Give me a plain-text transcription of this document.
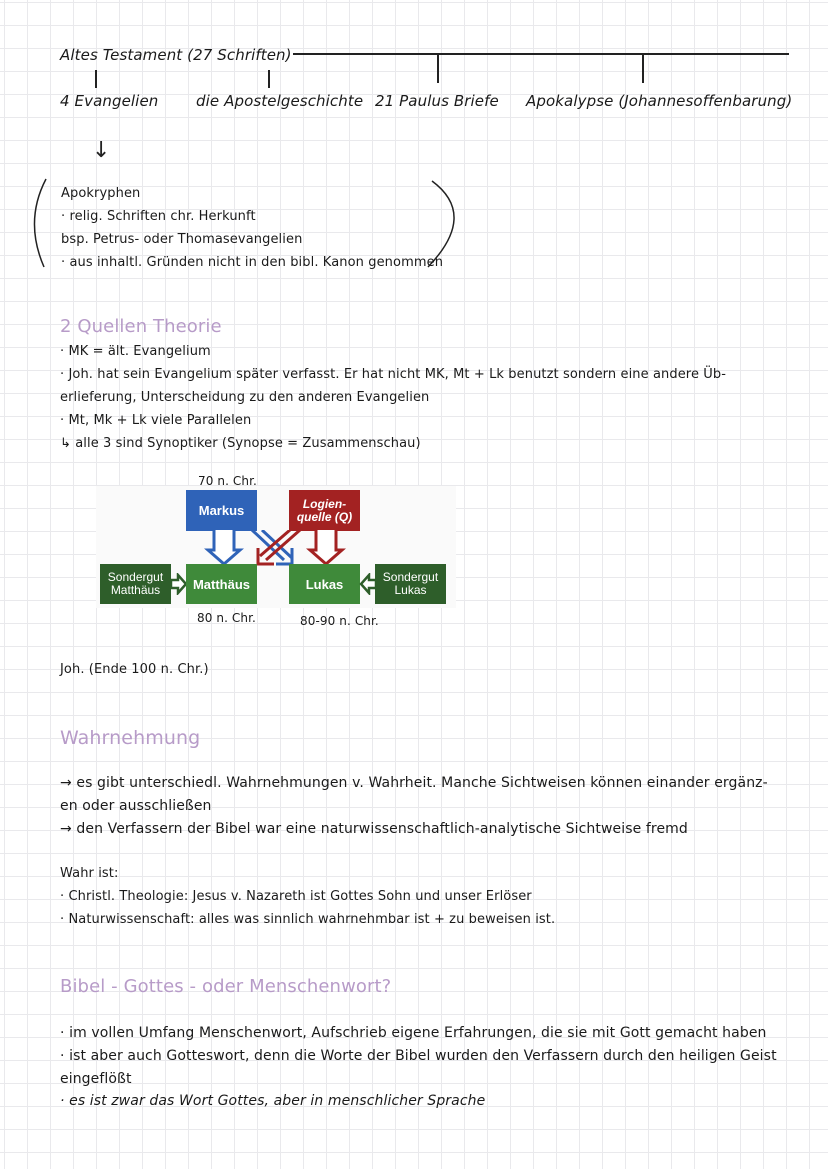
Altes Testament (27 Schriften)
4 Evangelien	die Apostelgeschichte 21 Paulus Briefe Apokalypse (Johannesoffenbarung)
↓
Apokryphen
· relig. Schriften chr. Herkunft
bsp. Petrus- oder Thomasevangelien
· aus inhaltl. Gründen nicht in den bibl. Kanon genommen
2 Quellen Theorie
· MK = ält. Evangelium
· Joh. hat sein Evangelium später verfasst. Er hat nicht MK, Mt + Lk benutzt sondern eine andere Üb-
erlieferung, Unterscheidung zu den anderen Evangelien
· Mt, Mk + Lk viele Parallelen
↳ alle 3 sind Synoptiker (Synopse = Zusammenschau)
70 n. Chr.
Markus	Logien-
quelle (Q)
Sondergut
Matthäus	Matthäus	Lukas	Sondergut
Lukas
80 n. Chr.	80-90 n. Chr.
Joh. (Ende 100 n. Chr.)
Wahrnehmung
→ es gibt unterschiedl. Wahrnehmungen v. Wahrheit. Manche Sichtweisen können einander ergänz-
en oder ausschließen
→ den Verfassern der Bibel war eine naturwissenschaftlich-analytische Sichtweise fremd
Wahr ist:
· Christl. Theologie: Jesus v. Nazareth ist Gottes Sohn und unser Erlöser
· Naturwissenschaft: alles was sinnlich wahrnehmbar ist + zu beweisen ist.
Bibel - Gottes - oder Menschenwort?
· im vollen Umfang Menschenwort, Aufschrieb eigene Erfahrungen, die sie mit Gott gemacht haben
· ist aber auch Gotteswort, denn die Worte der Bibel wurden den Verfassern durch den heiligen Geist
eingeflößt
· es ist zwar das Wort Gottes, aber in menschlicher Sprache
